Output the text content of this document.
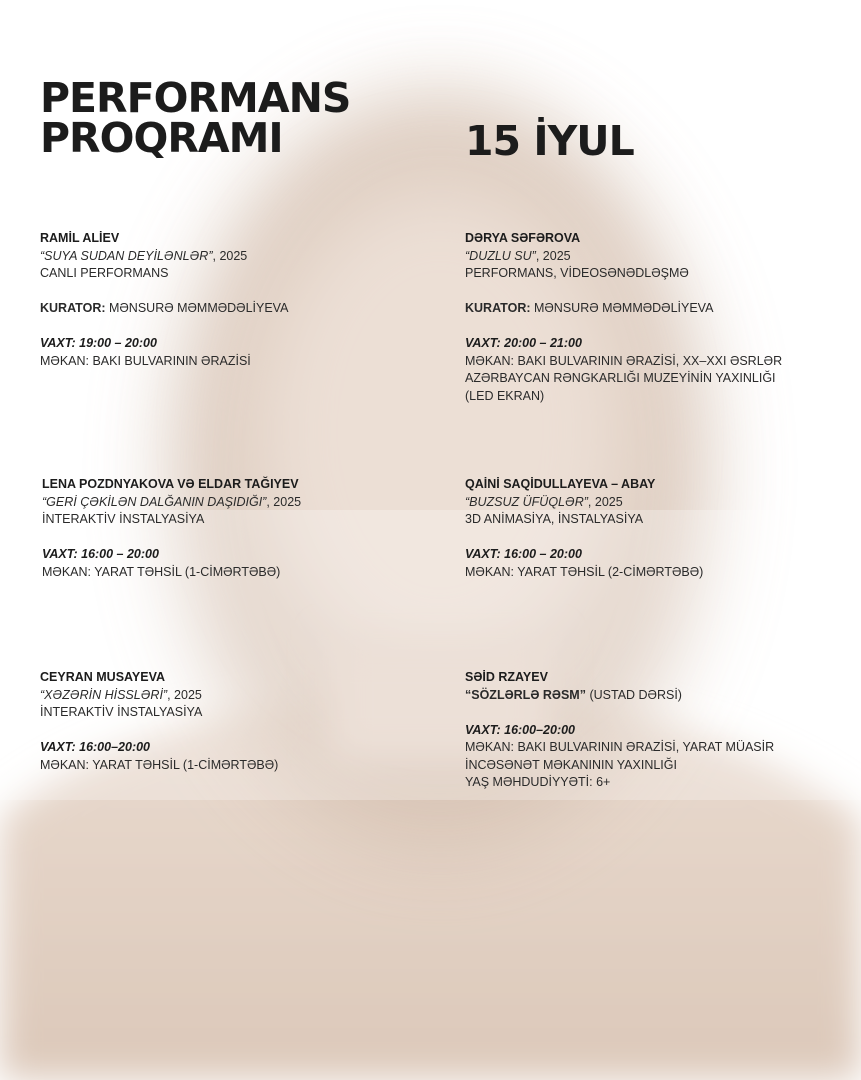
PERFORMANS
PROQRAMI	15 İYUL
RAMİL ALİEV
“SUYA SUDAN DEYİLƏNLƏR”, 2025
CANLI PERFORMANS
KURATOR: MƏNSURƏ MƏMMƏDƏLİYEVA
VAXT: 19:00 – 20:00
MƏKAN: BAKI BULVARININ ƏRAZİSİ
DƏRYA SƏFƏROVA
“DUZLU SU”, 2025
PERFORMANS, VİDEOSƏNƏDLƏŞMƏ
KURATOR: MƏNSURƏ MƏMMƏDƏLİYEVA
VAXT: 20:00 – 21:00
MƏKAN: BAKI BULVARININ ƏRAZİSİ, XX–XXI ƏSRLƏR
AZƏRBAYCAN RƏNGKARLIĞI MUZEYİNİN YAXINLIĞI
(LED EKRAN)
LENA POZDNYAKOVA VƏ ELDAR TAĞIYEV
“GERİ ÇƏKİLƏN DALĞANIN DAŞIDIĞI”, 2025
İNTERAKTİV İNSTALYASİYA
VAXT: 16:00 – 20:00
MƏKAN: YARAT TƏHSİL (1-CİMƏRTƏBƏ)
QAİNİ SAQİDULLAYEVA – ABAY
“BUZSUZ ÜFÜQLƏR”, 2025
3D ANİMASİYA, İNSTALYASİYA
VAXT: 16:00 – 20:00
MƏKAN: YARAT TƏHSİL (2-CİMƏRTƏBƏ)
CEYRAN MUSAYEVA
“XƏZƏRİN HİSSLƏRİ”, 2025
İNTERAKTİV İNSTALYASİYA
VAXT: 16:00–20:00
MƏKAN: YARAT TƏHSİL (1-CİMƏRTƏBƏ)
SƏİD RZAYEV
“SÖZLƏRLƏ RƏSM” (USTAD DƏRSİ)
VAXT: 16:00–20:00
MƏKAN: BAKI BULVARININ ƏRAZİSİ, YARAT MÜASİR
İNCƏSƏNƏT MƏKANININ YAXINLIĞI
YAŞ MƏHDUDİYYƏTİ: 6+
